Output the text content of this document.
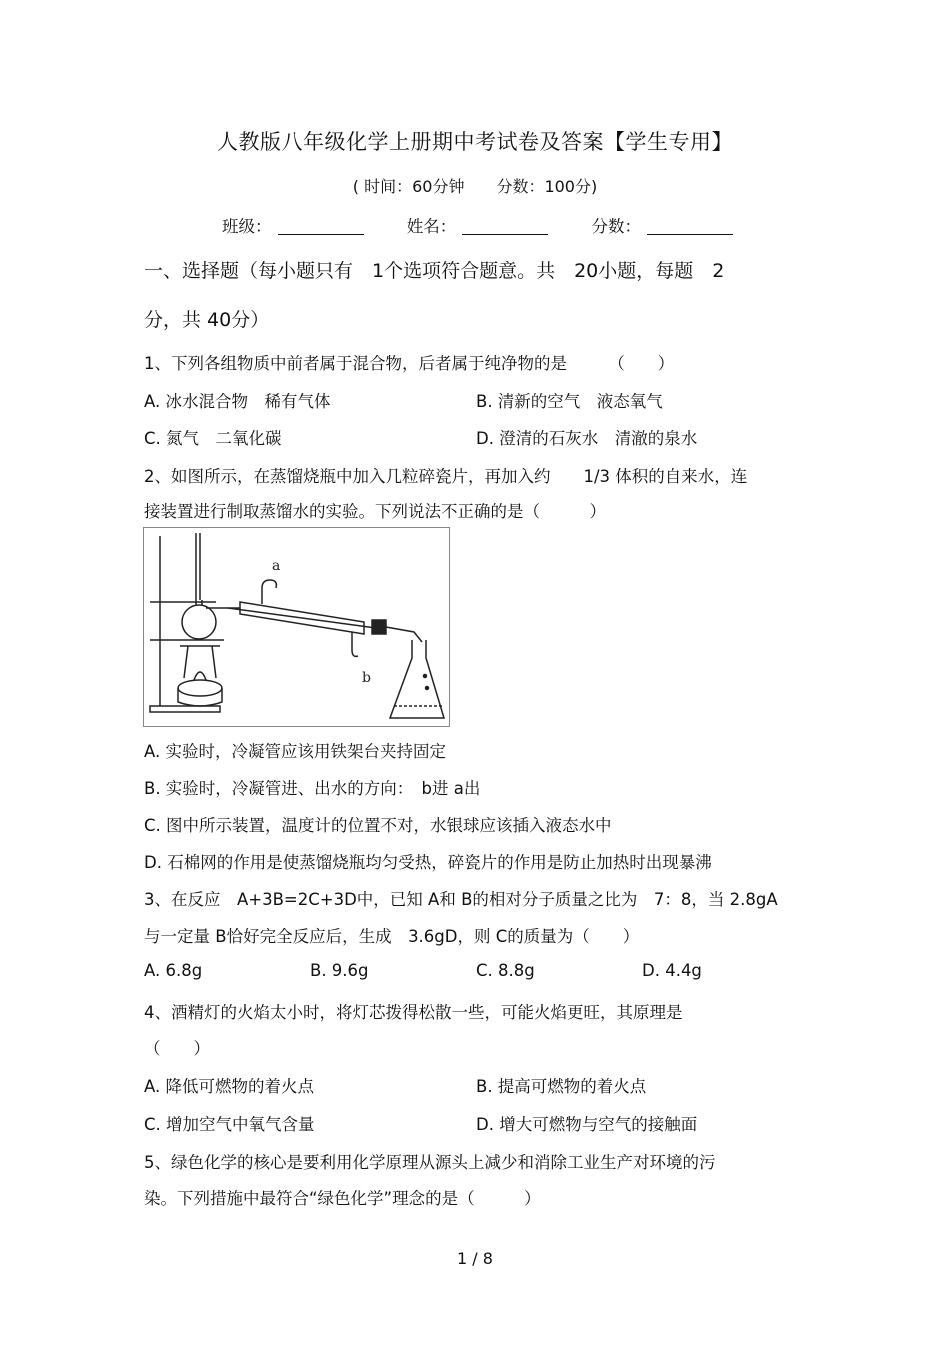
人教版八年级化学上册期中考试卷及答案【学生专用】
( 时间：60分钟　　分数：100分)
班级：	姓名：	分数：
一、选择题（每小题只有　1个选项符合题意。共　20小题，每题　2
分，共 40分）
1、下列各组物质中前者属于混合物，后者属于纯净物的是　　　（　　）
A. 冰水混合物　稀有气体	B. 清新的空气　液态氧气
C. 氮气　二氧化碳	D. 澄清的石灰水　清澈的泉水
2、如图所示，在蒸馏烧瓶中加入几粒碎瓷片，再加入约　　1/3 体积的自来水，连
接装置进行制取蒸馏水的实验。下列说法不正确的是（　　　）
a
b
A. 实验时，冷凝管应该用铁架台夹持固定
B. 实验时，冷凝管进、出水的方向：　b进 a出
C. 图中所示装置，温度计的位置不对，水银球应该插入液态水中
D. 石棉网的作用是使蒸馏烧瓶均匀受热，碎瓷片的作用是防止加热时出现暴沸
3、在反应　A+3B=2C+3D中，已知 A和 B的相对分子质量之比为　7：8，当 2.8gA
与一定量 B恰好完全反应后，生成　3.6gD，则 C的质量为（　　）
A. 6.8g	B. 9.6g	C. 8.8g	D. 4.4g
4、酒精灯的火焰太小时，将灯芯拨得松散一些，可能火焰更旺，其原理是
（　　）
A. 降低可燃物的着火点	B. 提高可燃物的着火点
C. 增加空气中氧气含量	D. 增大可燃物与空气的接触面
5、绿色化学的核心是要利用化学原理从源头上减少和消除工业生产对环境的污
染。下列措施中最符合“绿色化学”理念的是（　　　）
1 / 8
